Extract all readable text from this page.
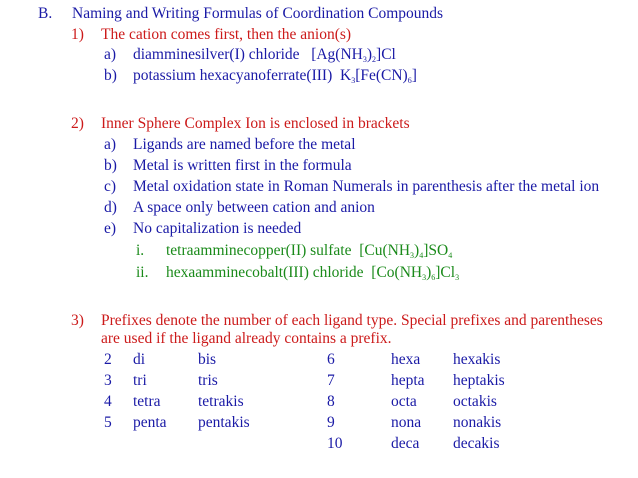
B. Naming and Writing Formulas of Coordination Compounds
1) The cation comes first, then the anion(s)
a) diamminesilver(I) chloride   $[Ag(NH_3)_2]Cl$
b) potassium hexacyanoferrate(III)  $K_3[Fe(CN)_6]$
2) Inner Sphere Complex Ion is enclosed in brackets
a) Ligands are named before the metal
b) Metal is written first in the formula
c) Metal oxidation state in Roman Numerals in parenthesis after the metal ion
d) A space only between cation and anion
e) No capitalization is needed
i. tetraamminecopper(II) sulfate  $[Cu(NH_3)_4]SO_4$
ii. hexaamminecobalt(III) chloride  $[Co(NH_3)_6]Cl_3$
3) Prefixes denote the number of each ligand type. Special prefixes and parentheses
are used if the ligand already contains a prefix.
2 di	bis	6	hexa hexakis
3 tri	tris	7	hepta heptakis
4 tetra tetrakis	8	octa octakis
5 penta pentakis	9	nona nonakis
10	deca decakis
